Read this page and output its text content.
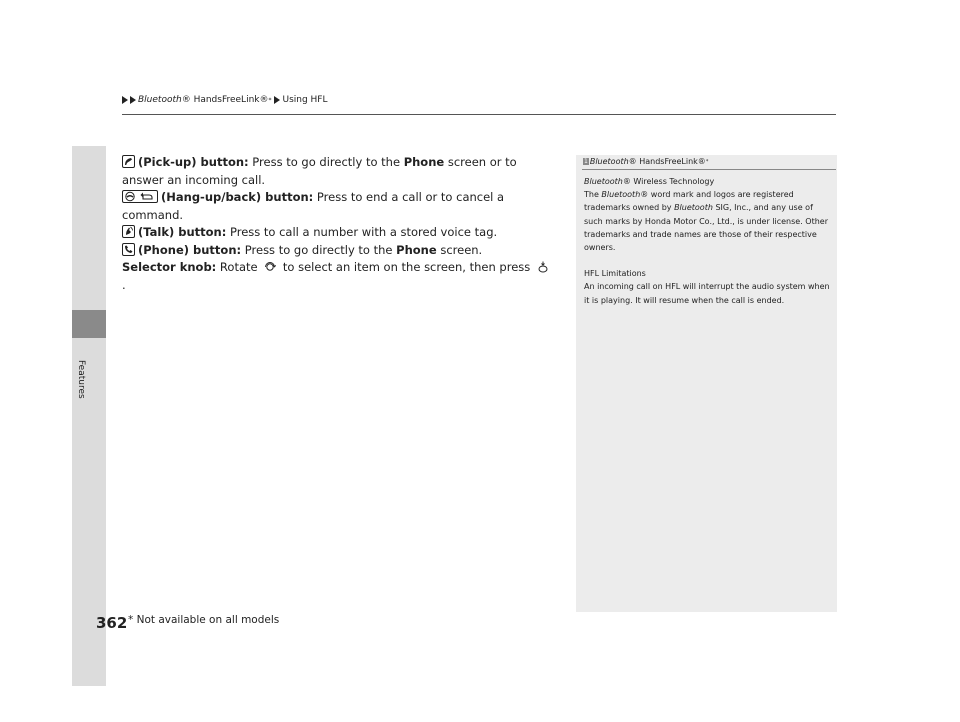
Bluetooth ® HandsFreeLink® * Using HFL
Features

(Pick-up) button: Press to go directly to the Phone screen or to answer an incoming call.

(Hang-up/back) button: Press to end a call or to cancel a command.

(Talk) button: Press to call a number with a stored voice tag.

(Phone) button: Press to go directly to the Phone screen.

Selector knob: Rotate  to select an item on the screen, then press .

1 Bluetooth ® HandsFreeLink® *

Bluetooth® Wireless Technology

The Bluetooth® word mark and logos are registered trademarks owned by Bluetooth SIG, Inc., and any use of such marks by Honda Motor Co., Ltd., is under license. Other trademarks and trade names are those of their respective owners.

HFL Limitations

An incoming call on HFL will interrupt the audio system when it is playing. It will resume when the call is ended.

362 * Not available on all models
